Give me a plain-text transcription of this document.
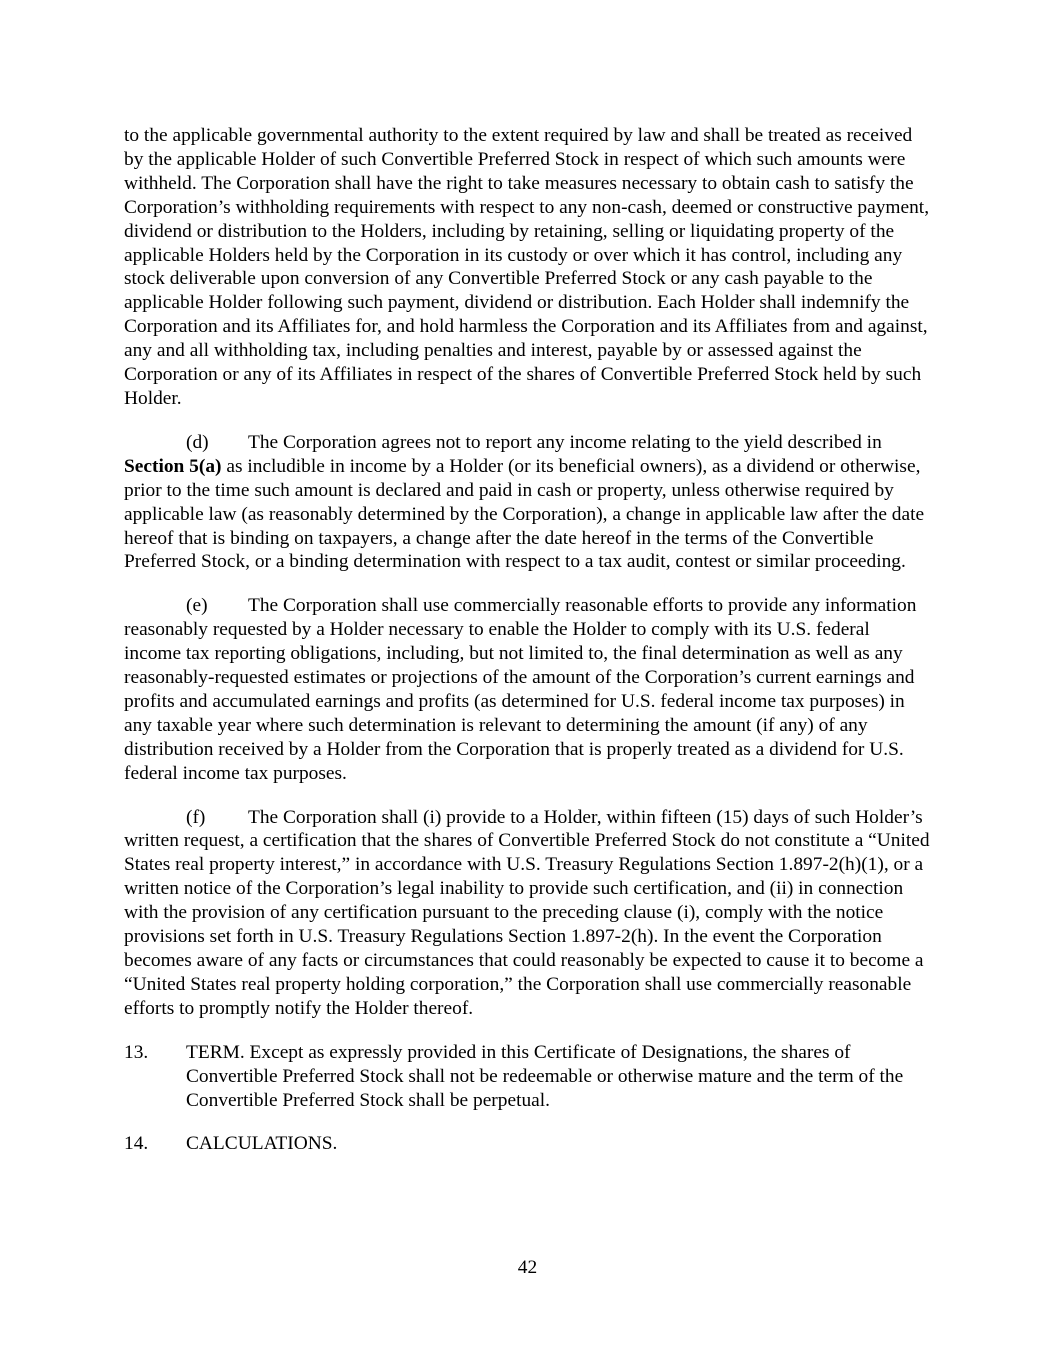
to the applicable governmental authority to the extent required by law and shall be treated as received by the applicable Holder of such Convertible Preferred Stock in respect of which such amounts were withheld. The Corporation shall have the right to take measures necessary to obtain cash to satisfy the Corporation’s withholding requirements with respect to any non-cash, deemed or constructive payment, dividend or distribution to the Holders, including by retaining, selling or liquidating property of the applicable Holders held by the Corporation in its custody or over which it has control, including any stock deliverable upon conversion of any Convertible Preferred Stock or any cash payable to the applicable Holder following such payment, dividend or distribution. Each Holder shall indemnify the Corporation and its Affiliates for, and hold harmless the Corporation and its Affiliates from and against, any and all withholding tax, including penalties and interest, payable by or assessed against the Corporation or any of its Affiliates in respect of the shares of Convertible Preferred Stock held by such Holder.

(d) The Corporation agrees not to report any income relating to the yield described in Section 5(a) as includible in income by a Holder (or its beneficial owners), as a dividend or otherwise, prior to the time such amount is declared and paid in cash or property, unless otherwise required by applicable law (as reasonably determined by the Corporation), a change in applicable law after the date hereof that is binding on taxpayers, a change after the date hereof in the terms of the Convertible Preferred Stock, or a binding determination with respect to a tax audit, contest or similar proceeding.

(e) The Corporation shall use commercially reasonable efforts to provide any information reasonably requested by a Holder necessary to enable the Holder to comply with its U.S. federal income tax reporting obligations, including, but not limited to, the final determination as well as any reasonably-requested estimates or projections of the amount of the Corporation’s current earnings and profits and accumulated earnings and profits (as determined for U.S. federal income tax purposes) in any taxable year where such determination is relevant to determining the amount (if any) of any distribution received by a Holder from the Corporation that is properly treated as a dividend for U.S. federal income tax purposes.

(f) The Corporation shall (i) provide to a Holder, within fifteen (15) days of such Holder’s written request, a certification that the shares of Convertible Preferred Stock do not constitute a “United States real property interest,” in accordance with U.S. Treasury Regulations Section 1.897-2(h)(1), or a written notice of the Corporation’s legal inability to provide such certification, and (ii) in connection with the provision of any certification pursuant to the preceding clause (i), comply with the notice provisions set forth in U.S. Treasury Regulations Section 1.897-2(h). In the event the Corporation becomes aware of any facts or circumstances that could reasonably be expected to cause it to become a “United States real property holding corporation,” the Corporation shall use commercially reasonable efforts to promptly notify the Holder thereof.

13. TERM. Except as expressly provided in this Certificate of Designations, the shares of Convertible Preferred Stock shall not be redeemable or otherwise mature and the term of the Convertible Preferred Stock shall be perpetual.
14. CALCULATIONS.
42
